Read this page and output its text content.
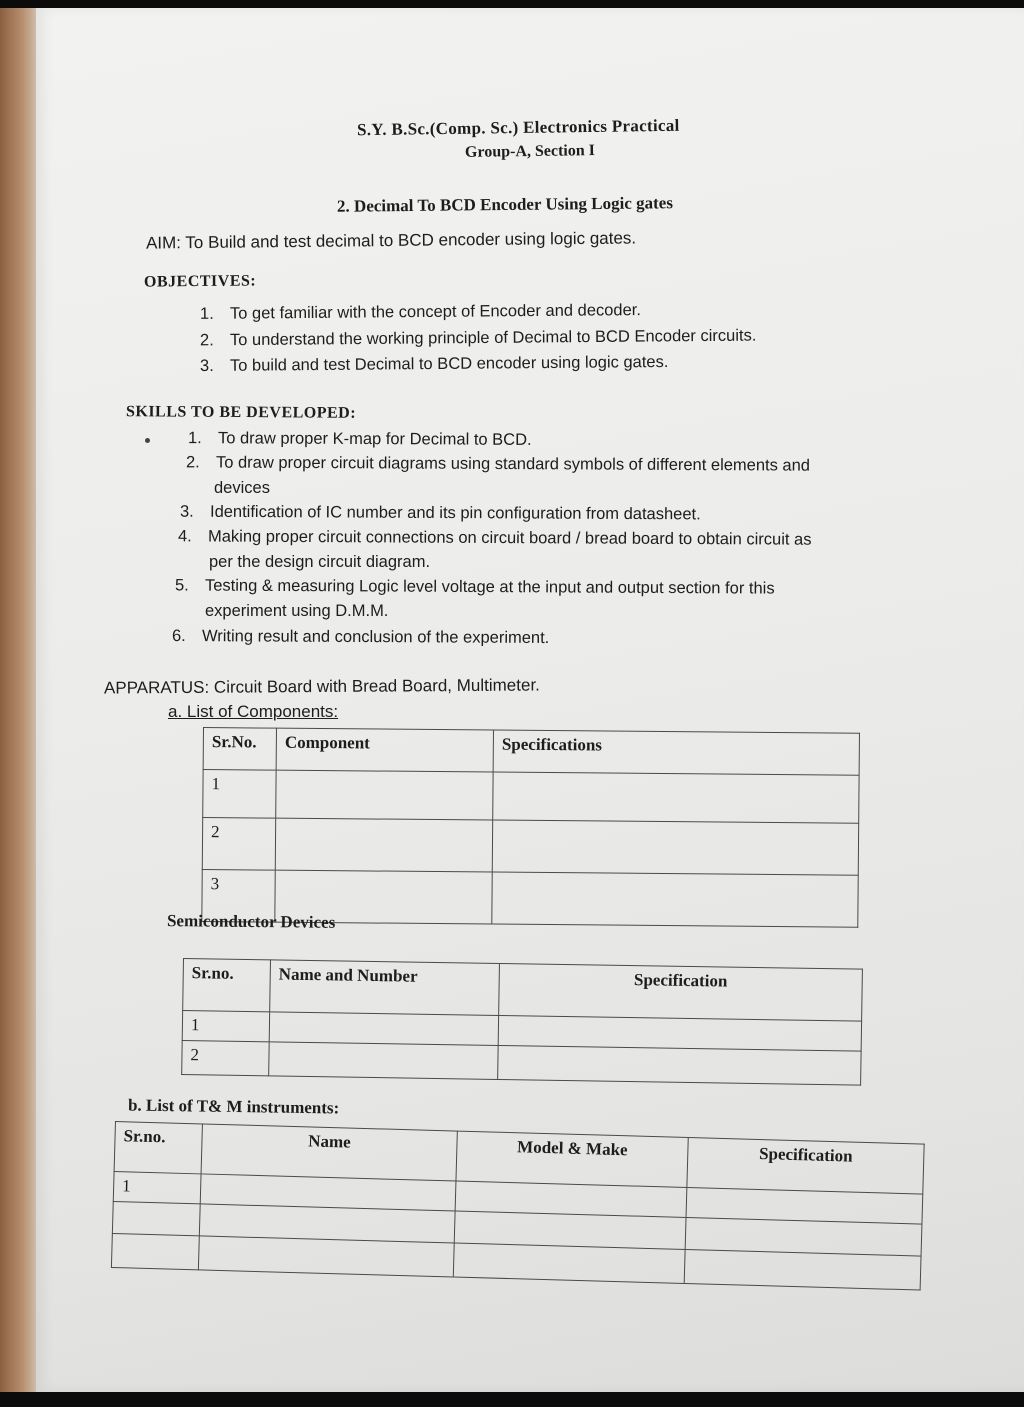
S.Y. B.Sc.(Comp. Sc.) Electronics Practical
Group-A, Section I
2. Decimal To BCD Encoder Using Logic gates
AIM: To Build and test decimal to BCD encoder using logic gates.
OBJECTIVES:
1. To get familiar with the concept of Encoder and decoder.
2. To understand the working principle of Decimal to BCD Encoder circuits.
3. To build and test Decimal to BCD encoder using logic gates.
SKILLS TO BE DEVELOPED:
1. To draw proper K-map for Decimal to BCD.
2. To draw proper circuit diagrams using standard symbols of different elements and
devices
3. Identification of IC number and its pin configuration from datasheet.
4. Making proper circuit connections on circuit board / bread board to obtain circuit as
per the design circuit diagram.
5. Testing & measuring Logic level voltage at the input and output section for this
experiment using D.M.M.
6. Writing result and conclusion of the experiment.
APPARATUS: Circuit Board with Bread Board, Multimeter.
a. List of Components:
Sr.No.	Component	Specifications
1		
2		
3		
Semiconductor Devices
Sr.no.	Name and Number	Specification
1		
2		
b. List of T& M instruments:
Sr.no.	Name	Model & Make	Specification
1			
